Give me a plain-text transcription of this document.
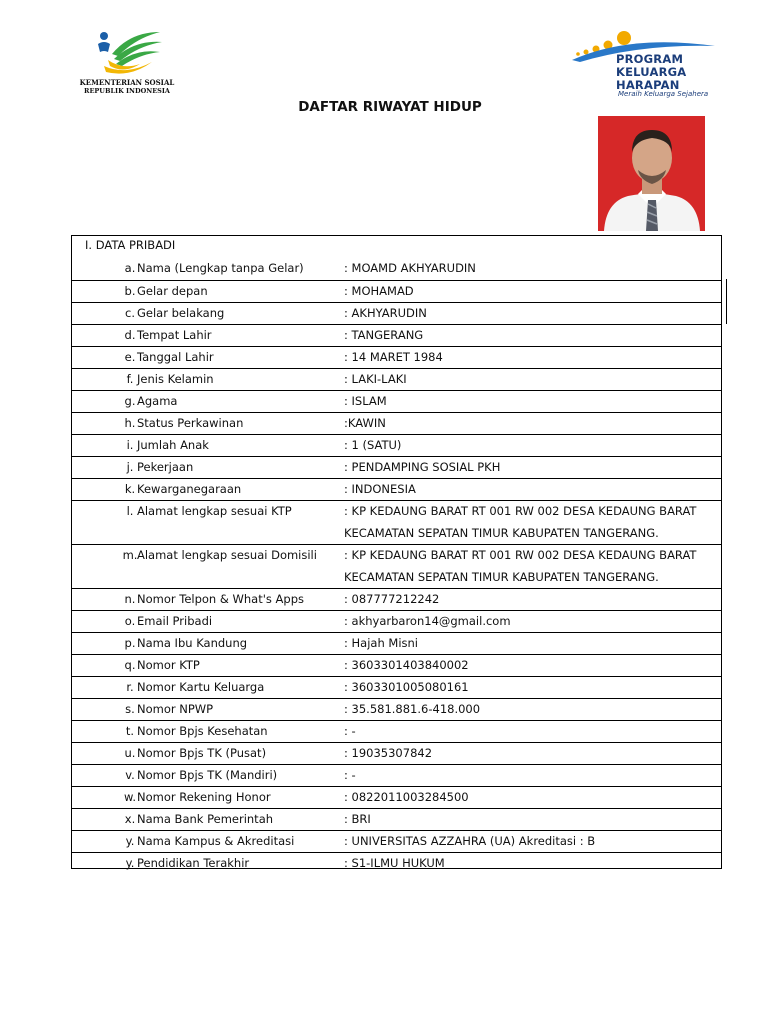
KEMENTERIAN SOSIAL
REPUBLIK INDONESIA
PROGRAM
KELUARGA
HARAPAN
Meraih Keluarga Sejahera
DAFTAR RIWAYAT HIDUP
I. DATA PRIBADI
a. Nama (Lengkap tanpa Gelar)	: MOAMD AKHYARUDIN
b. Gelar depan	: MOHAMAD
c. Gelar belakang	: AKHYARUDIN
d. Tempat Lahir	: TANGERANG
e. Tanggal Lahir	: 14 MARET 1984
f. Jenis Kelamin	: LAKI-LAKI
g. Agama	: ISLAM
h. Status Perkawinan	:KAWIN
i. Jumlah Anak	: 1 (SATU)
j. Pekerjaan	: PENDAMPING SOSIAL PKH
k. Kewarganegaraan	: INDONESIA
l. Alamat lengkap sesuai KTP	: KP KEDAUNG BARAT RT 001 RW 002 DESA KEDAUNG BARAT
KECAMATAN SEPATAN TIMUR KABUPATEN TANGERANG.
m. Alamat lengkap sesuai Domisili : KP KEDAUNG BARAT RT 001 RW 002 DESA KEDAUNG BARAT
KECAMATAN SEPATAN TIMUR KABUPATEN TANGERANG.
n. Nomor Telpon & What's Apps	: 087777212242
o. Email Pribadi	: akhyarbaron14@gmail.com
p. Nama Ibu Kandung	: Hajah Misni
q. Nomor KTP	: 3603301403840002
r. Nomor Kartu Keluarga	: 3603301005080161
s. Nomor NPWP	: 35.581.881.6-418.000
t. Nomor Bpjs Kesehatan	: -
u. Nomor Bpjs TK (Pusat)	: 19035307842
v. Nomor Bpjs TK (Mandiri)	: -
w. Nomor Rekening Honor	: 0822011003284500
x. Nama Bank Pemerintah	: BRI
y. Nama Kampus & Akreditasi	: UNIVERSITAS AZZAHRA (UA) Akreditasi : B
y. Pendidikan Terakhir	: S1-ILMU HUKUM
